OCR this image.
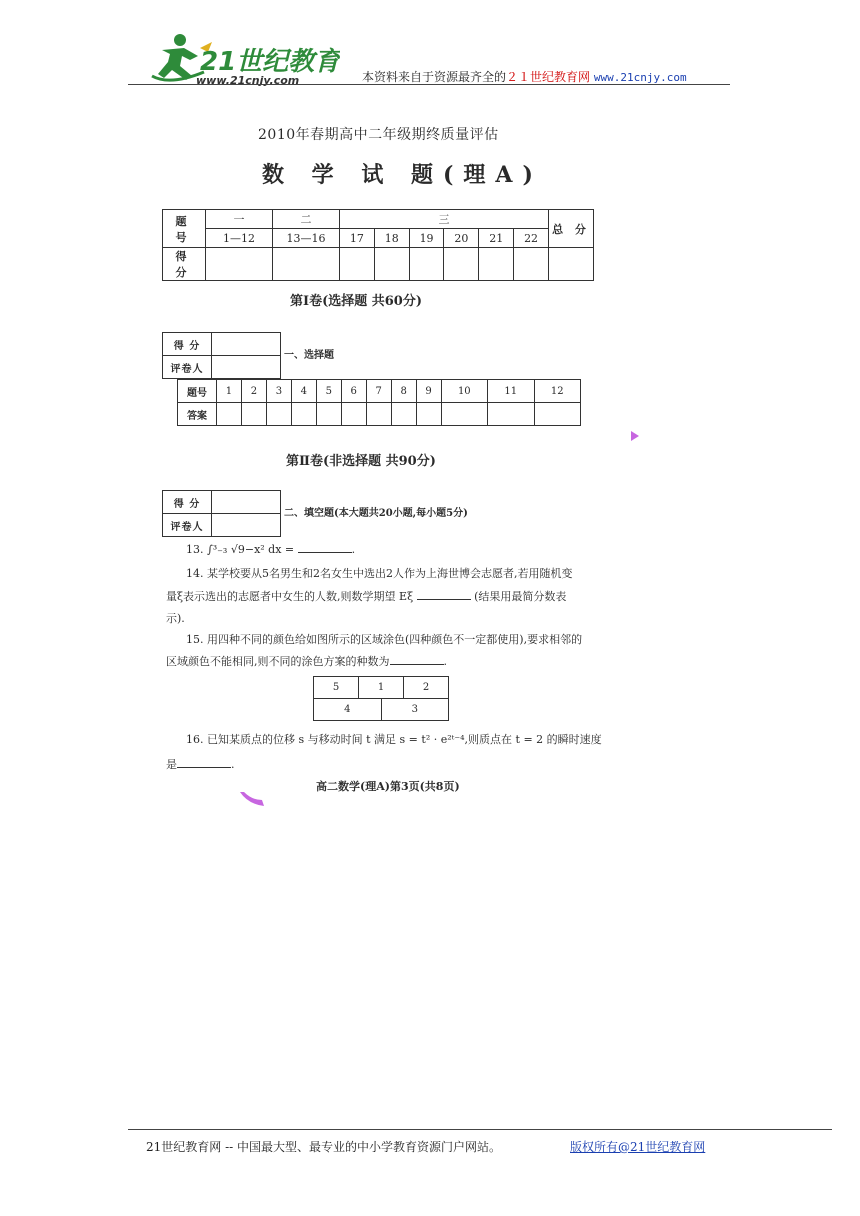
21世纪教育
www.21cnjy.com	本资料来自于资源最齐全的２１世纪教育网 www.21cnjy.com
2010年春期高中二年级期终质量评估
数 学 试 题(理A)
题 号	一	二	三						总 分
	1—12	13—16	17	18	19	20	21	22	
得 分									
第Ⅰ卷(选择题 共60分)
得 分	
评卷人	
一、选择题
题号	1	2	3	4	5	6	7	8	9	10	11	12
答案												
第Ⅱ卷(非选择题 共90分)
得 分	
评卷人	
二、填空题(本大题共20小题,每小题5分)
13. ∫³₋₃ √9−x² dx =	.
14. 某学校要从5名男生和2名女生中选出2人作为上海世博会志愿者,若用随机变
量ξ表示选出的志愿者中女生的人数,则数学期望 Eξ	(结果用最简分数表
示).
15. 用四种不同的颜色给如图所示的区域涂色(四种颜色不一定都使用),要求相邻的
区域颜色不能相同,则不同的涂色方案的种数为	.
5	1		2
4		3	
16. 已知某质点的位移 s 与移动时间 t 满足 s = t² · e²ᵗ⁻⁴,则质点在 t = 2 的瞬时速度
是	.
高二数学(理A)第3页(共8页)
21世纪教育网 -- 中国最大型、最专业的中小学教育资源门户网站。	版权所有@21世纪教育网
